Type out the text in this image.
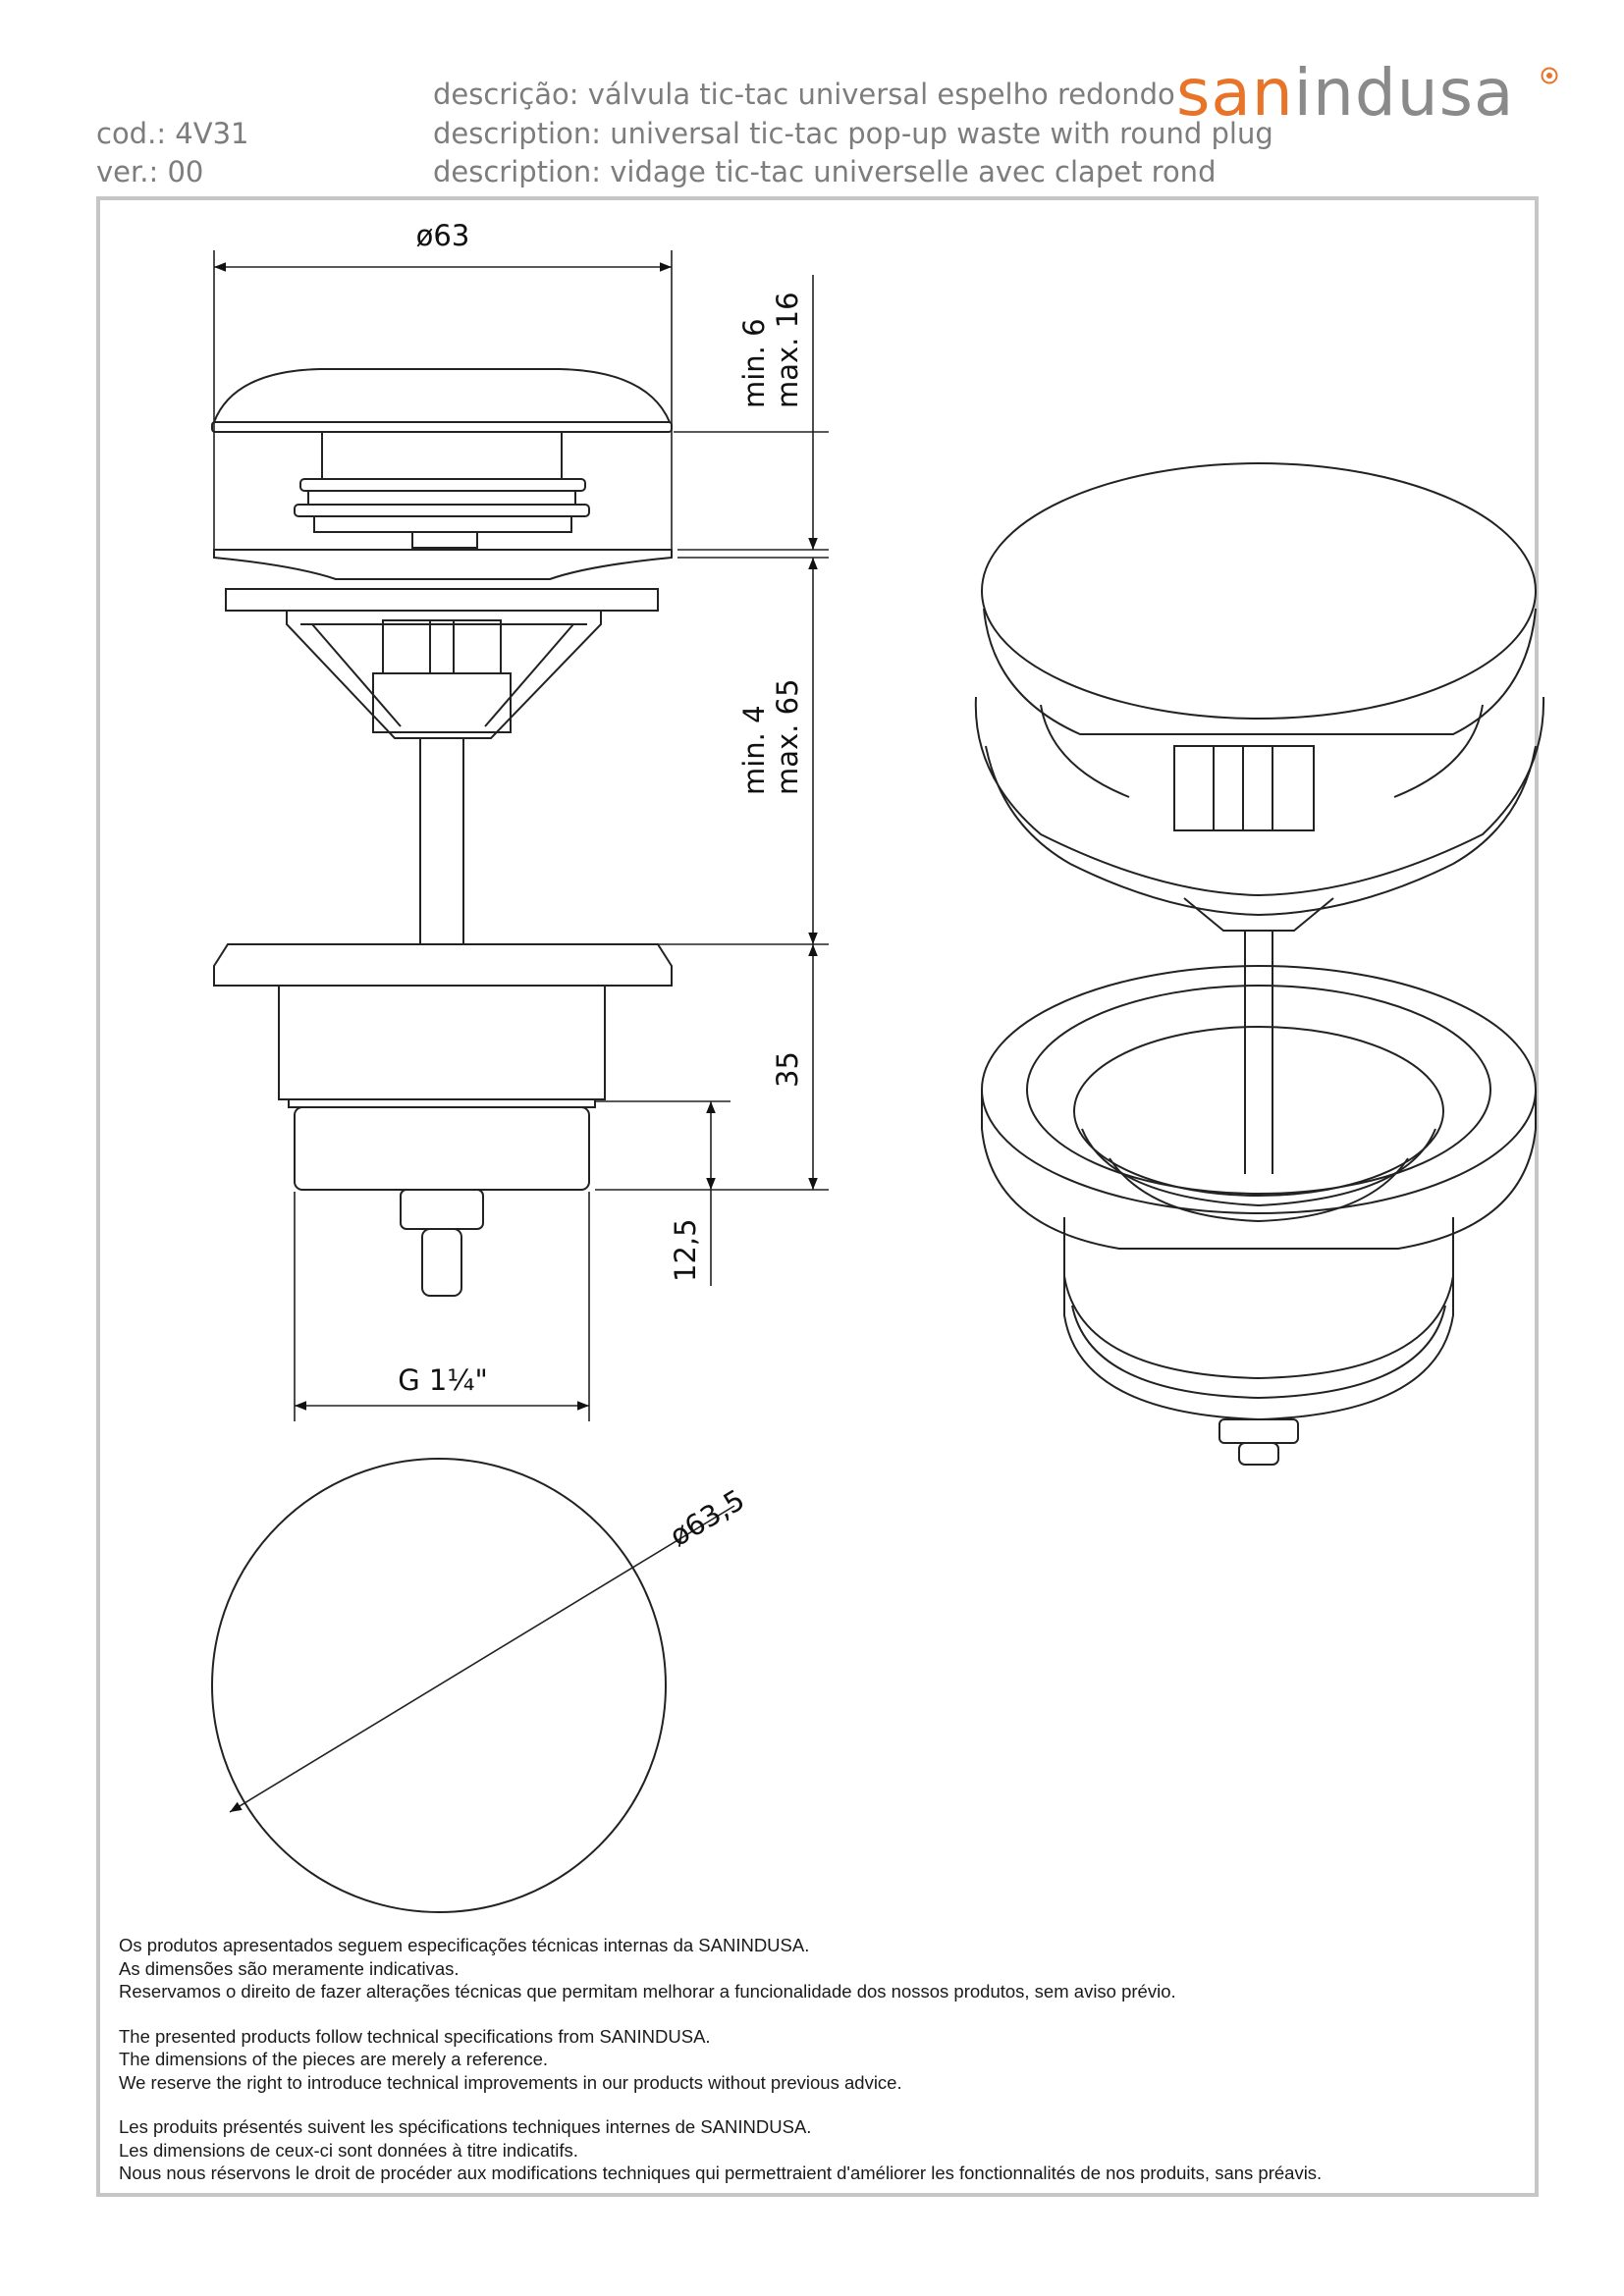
cod.: 4V31
ver.: 00
descrição: válvula tic-tac universal espelho redondo
description: universal tic-tac pop-up waste with round plug
description: vidage tic-tac universelle avec clapet rond
sanindusa
ø63
min. 6 max. 16
min. 4 max. 65
35
12,5
G 1¼"
ø63,5
Os produtos apresentados seguem especificações técnicas internas da SANINDUSA.
As dimensões são meramente indicativas.
Reservamos o direito de fazer alterações técnicas que permitam melhorar a funcionalidade dos nossos produtos, sem aviso prévio.
The presented products follow technical specifications from SANINDUSA.
The dimensions of the pieces are merely a reference.
We reserve the right to introduce technical improvements in our products without previous advice.
Les produits présentés suivent les spécifications techniques internes de SANINDUSA.
Les dimensions de ceux-ci sont données à titre indicatifs.
Nous nous réservons le droit de procéder aux modifications techniques qui permettraient d'améliorer les fonctionnalités de nos produits, sans préavis.
